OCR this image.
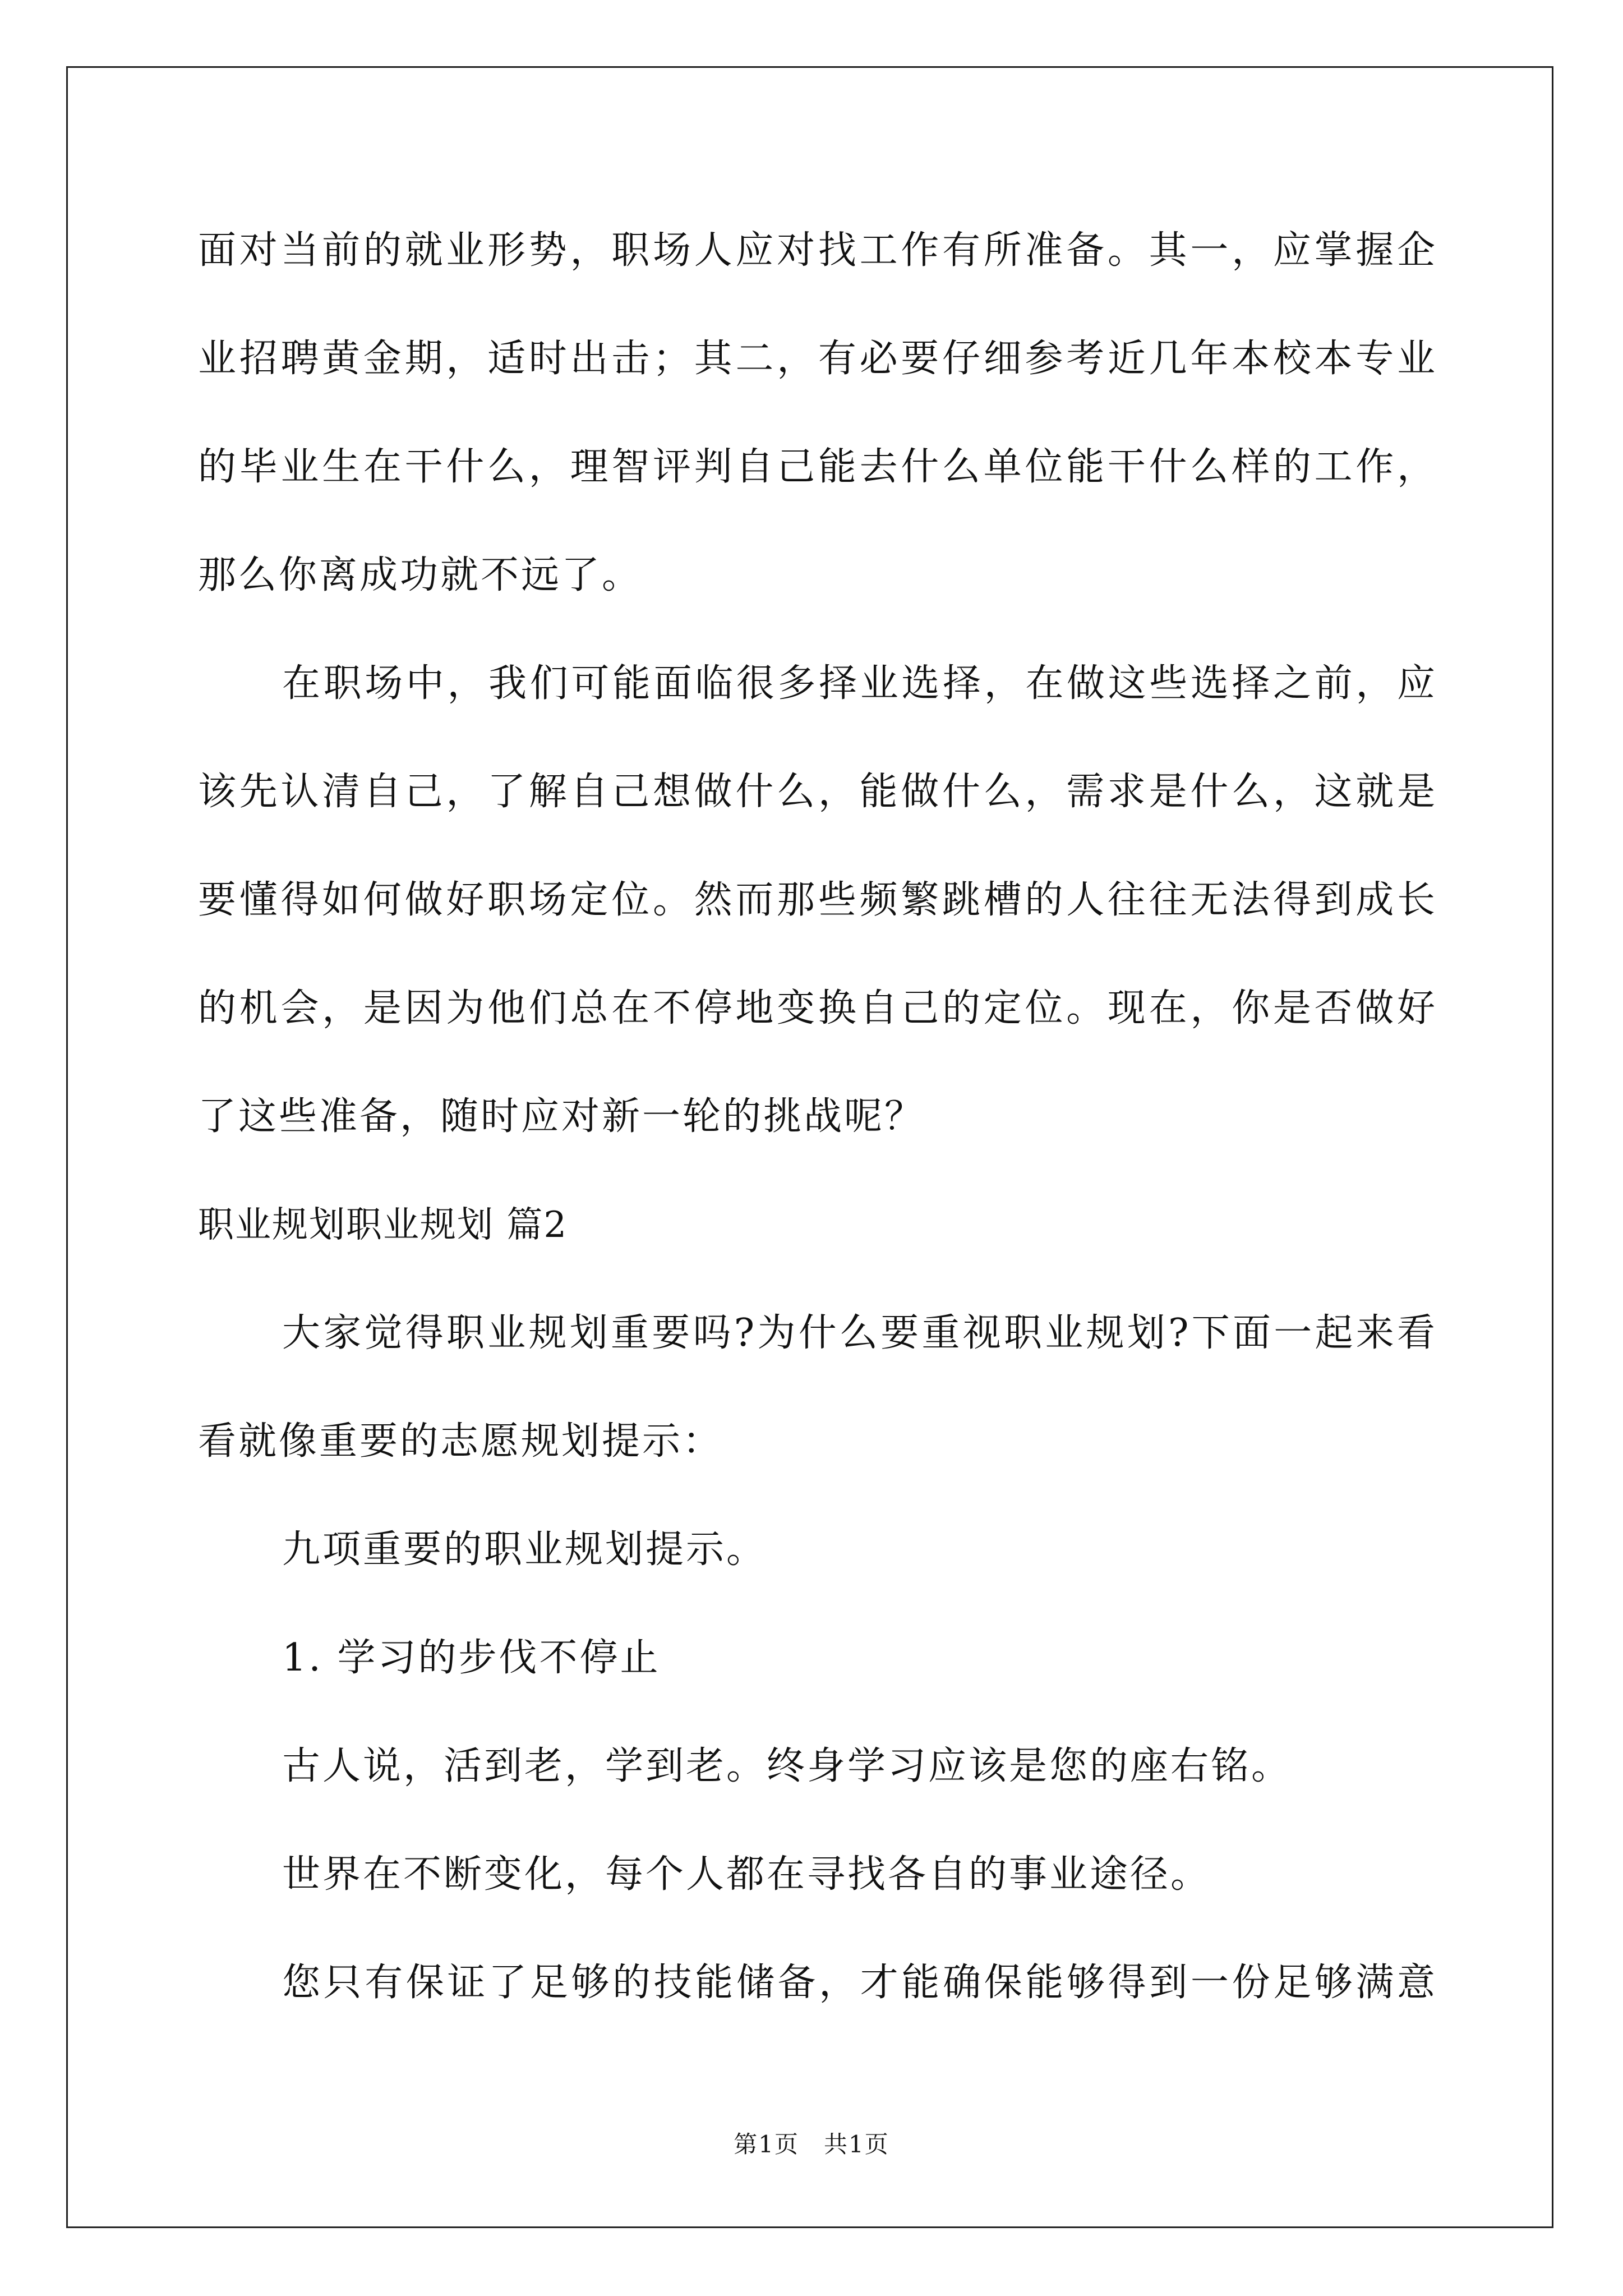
面对当前的就业形势，职场人应对找工作有所准备。其一，应掌握企
业招聘黄金期，适时出击；其二，有必要仔细参考近几年本校本专业
的毕业生在干什么，理智评判自己能去什么单位能干什么样的工作，
那么你离成功就不远了。
在职场中，我们可能面临很多择业选择，在做这些选择之前，应
该先认清自己，了解自己想做什么，能做什么，需求是什么，这就是
要懂得如何做好职场定位。然而那些频繁跳槽的人往往无法得到成长
的机会，是因为他们总在不停地变换自己的定位。现在，你是否做好
了这些准备，随时应对新一轮的挑战呢？
职业规划职业规划 篇2
大家觉得职业规划重要吗?为什么要重视职业规划?下面一起来看
看就像重要的志愿规划提示：
九项重要的职业规划提示。
1. 学习的步伐不停止
古人说，活到老，学到老。终身学习应该是您的座右铭。
世界在不断变化，每个人都在寻找各自的事业途径。
您只有保证了足够的技能储备，才能确保能够得到一份足够满意
第1页　共1页
